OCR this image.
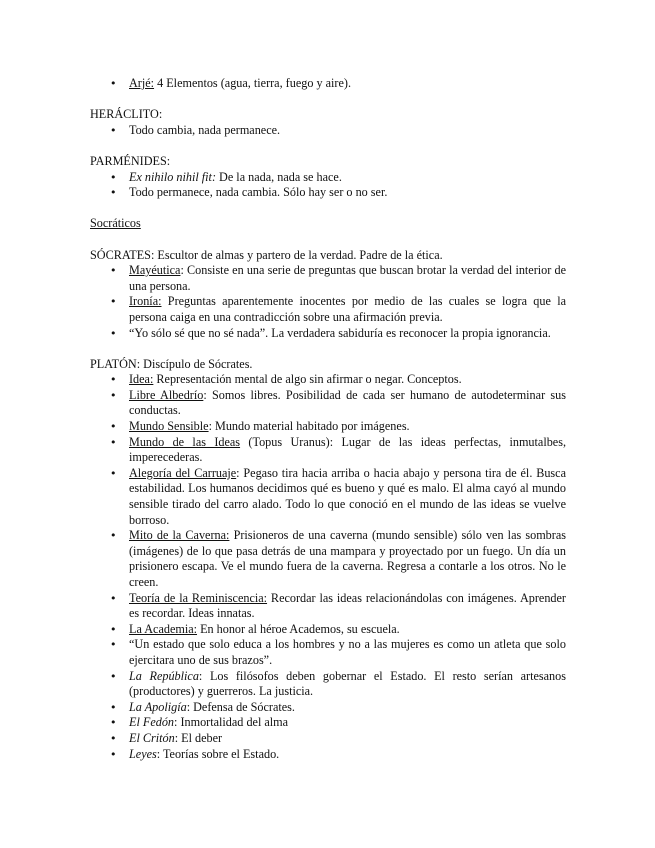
• Arjé: 4 Elementos (agua, tierra, fuego y aire).

HERÁCLITO:

• Todo cambia, nada permanece.

PARMÉNIDES:

• Ex nihilo nihil fit: De la nada, nada se hace.
• Todo permanece, nada cambia. Sólo hay ser o no ser.

Socráticos

SÓCRATES: Escultor de almas y partero de la verdad. Padre de la ética.

• Mayéutica: Consiste en una serie de preguntas que buscan brotar la verdad del interior de una persona.
• Ironía: Preguntas aparentemente inocentes por medio de las cuales se logra que la persona caiga en una contradicción sobre una afirmación previa.
• “Yo sólo sé que no sé nada”. La verdadera sabiduría es reconocer la propia ignorancia.

PLATÓN: Discípulo de Sócrates.

• Idea: Representación mental de algo sin afirmar o negar. Conceptos.
• Libre Albedrío: Somos libres. Posibilidad de cada ser humano de autodeterminar sus conductas.
• Mundo Sensible: Mundo material habitado por imágenes.
• Mundo de las Ideas (Topus Uranus): Lugar de las ideas perfectas, inmutalbes, imperecederas.
• Alegoría del Carruaje: Pegaso tira hacia arriba o hacia abajo y persona tira de él. Busca estabilidad. Los humanos decidimos qué es bueno y qué es malo. El alma cayó al mundo sensible tirado del carro alado. Todo lo que conoció en el mundo de las ideas se vuelve borroso.
• Mito de la Caverna: Prisioneros de una caverna (mundo sensible) sólo ven las sombras (imágenes) de lo que pasa detrás de una mampara y proyectado por un fuego. Un día un prisionero escapa. Ve el mundo fuera de la caverna. Regresa a contarle a los otros. No le creen.
• Teoría de la Reminiscencia: Recordar las ideas relacionándolas con imágenes. Aprender es recordar. Ideas innatas.
• La Academia: En honor al héroe Academos, su escuela.
• “Un estado que solo educa a los hombres y no a las mujeres es como un atleta que solo ejercitara uno de sus brazos”.
• La República: Los filósofos deben gobernar el Estado. El resto serían artesanos (productores) y guerreros. La justicia.
• La Apoligía: Defensa de Sócrates.
• El Fedón: Inmortalidad del alma
• El Critón: El deber
• Leyes: Teorías sobre el Estado.
